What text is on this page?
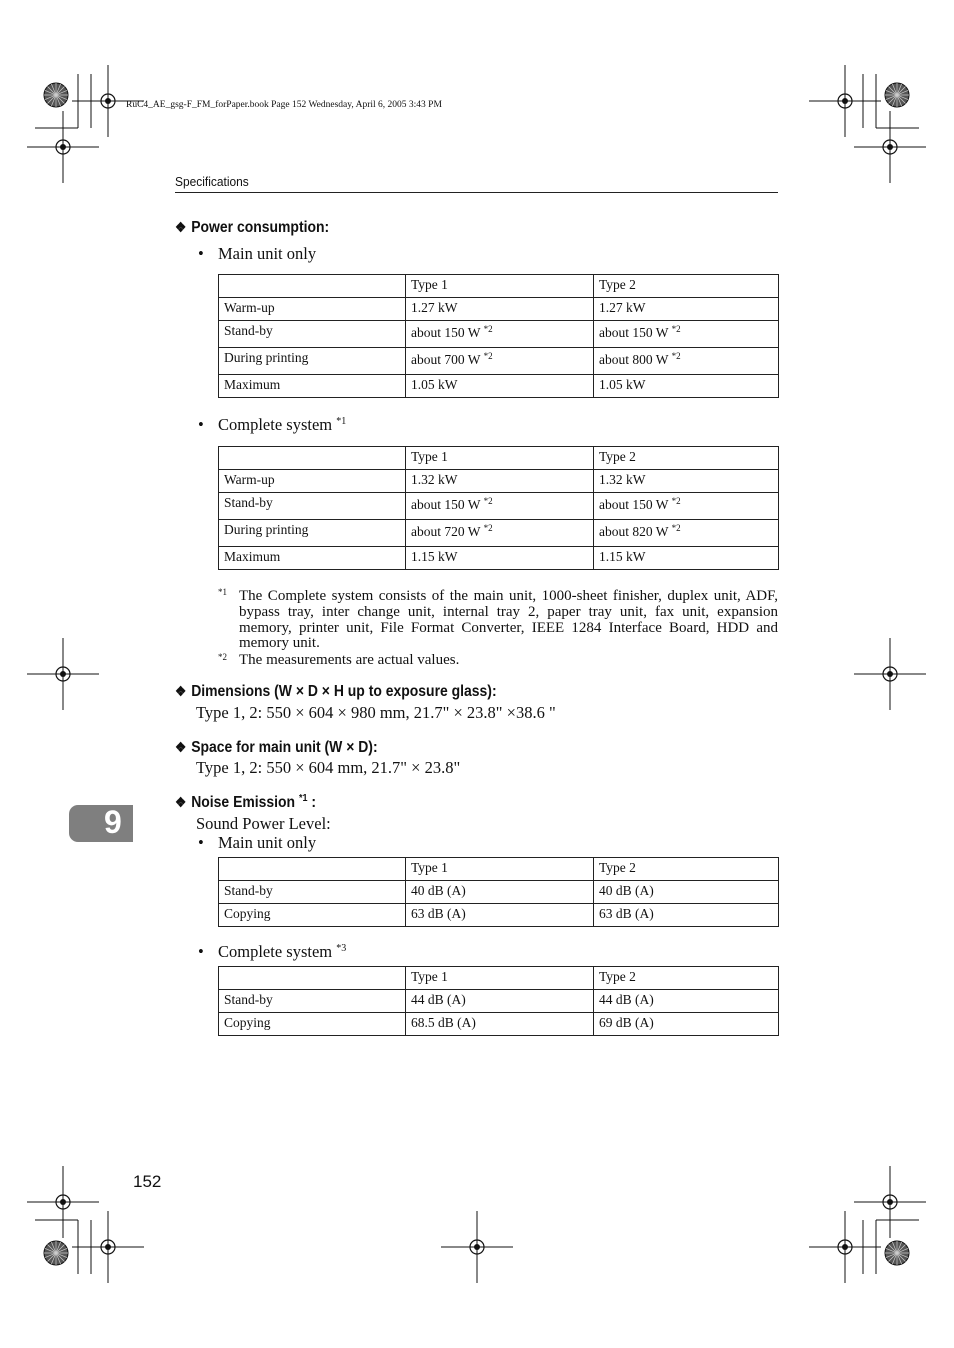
RuC4_AE_gsg-F_FM_forPaper.book Page 152 Wednesday, April 6, 2005 3:43 PM
Specifications
❖ Power consumption:
• Main unit only
	Type 1	Type 2
Warm-up	1.27 kW	1.27 kW
Stand-by	about 150 W $^{*2}$	about 150 W $^{*2}$
During printing	about 700 W $^{*2}$	about 800 W $^{*2}$
Maximum	1.05 kW	1.05 kW
• Complete system $^{*1}$
	Type 1	Type 2
Warm-up	1.32 kW	1.32 kW
Stand-by	about 150 W $^{*2}$	about 150 W $^{*2}$
During printing	about 720 W $^{*2}$	about 820 W $^{*2}$
Maximum	1.15 kW	1.15 kW
*1 The Complete system consists of the main unit, 1000-sheet finisher, duplex unit, ADF, bypass tray, inter change unit, internal tray 2, paper tray unit, fax unit, expansion memory, printer unit, File Format Converter, IEEE 1284 Interface Board, HDD and memory unit.
*2 The measurements are actual values.
❖ Dimensions (W × D × H up to exposure glass):
Type 1, 2: 550 × 604 × 980 mm, 21.7" × 23.8" ×38.6 "
❖ Space for main unit (W × D):
Type 1, 2: 550 × 604 mm, 21.7" × 23.8"
❖ Noise Emission $^{*1}$ :
Sound Power Level:
• Main unit only
	Type 1	Type 2
Stand-by	40 dB (A)	40 dB (A)
Copying	63 dB (A)	63 dB (A)
• Complete system $^{*3}$
	Type 1	Type 2
Stand-by	44 dB (A)	44 dB (A)
Copying	68.5 dB (A)	69 dB (A)
9
152
